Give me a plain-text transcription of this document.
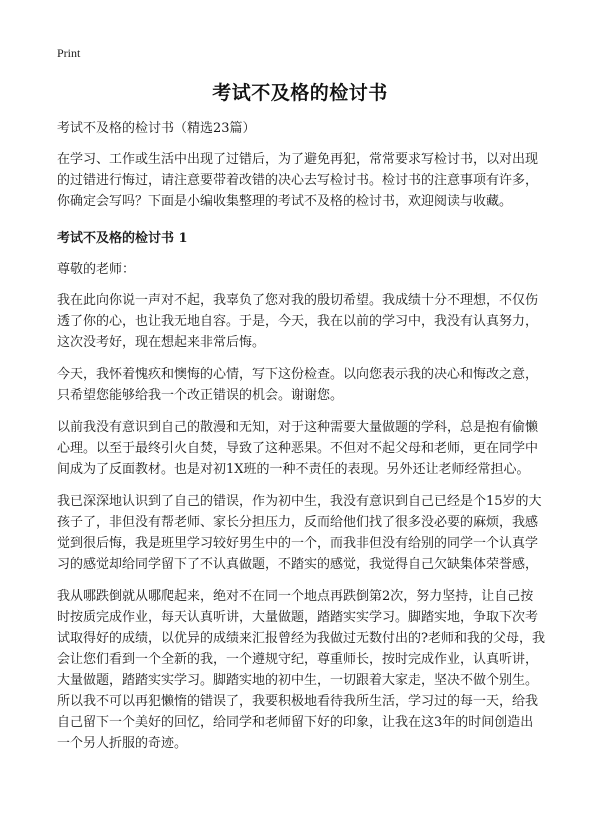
Print
考试不及格的检讨书

考试不及格的检讨书（精选23篇）

在学习、工作或生活中出现了过错后，为了避免再犯，常常要求写检讨书，以对出现的过错进行悔过，请注意要带着改错的决心去写检讨书。检讨书的注意事项有许多，你确定会写吗？下面是小编收集整理的考试不及格的检讨书，欢迎阅读与收藏。

考试不及格的检讨书 1

尊敬的老师：

我在此向你说一声对不起，我辜负了您对我的殷切希望。我成绩十分不理想，不仅伤透了你的心，也让我无地自容。于是，今天，我在以前的学习中，我没有认真努力，这次没考好，现在想起来非常后悔。

今天，我怀着愧疚和懊悔的心情，写下这份检查。以向您表示我的决心和悔改之意，只希望您能够给我一个改正错误的机会。谢谢您。

以前我没有意识到自己的散漫和无知，对于这种需要大量做题的学科，总是抱有偷懒心理。以至于最终引火自焚，导致了这种恶果。不但对不起父母和老师，更在同学中间成为了反面教材。也是对初1X班的一种不责任的表现。另外还让老师经常担心。

我已深深地认识到了自己的错误，作为初中生，我没有意识到自己已经是个15岁的大孩子了，非但没有帮老师、家长分担压力，反而给他们找了很多没必要的麻烦，我感觉到很后悔，我是班里学习较好男生中的一个，而我非但没有给别的同学一个认真学习的感觉却给同学留下了不认真做题，不踏实的感觉，我觉得自己欠缺集体荣誉感，

我从哪跌倒就从哪爬起来，绝对不在同一个地点再跌倒第2次，努力坚持，让自己按时按质完成作业，每天认真听讲，大量做题，踏踏实实学习。脚踏实地，争取下次考试取得好的成绩，以优异的成绩来汇报曾经为我做过无数付出的?老师和我的父母，我会让您们看到一个全新的我，一个遵规守纪，尊重师长，按时完成作业，认真听讲，大量做题，踏踏实实学习。脚踏实地的初中生，一切跟着大家走，坚决不做个别生。所以我不可以再犯懒惰的错误了，我要积极地看待我所生活，学习过的每一天，给我自己留下一个美好的回忆，给同学和老师留下好的印象，让我在这3年的时间创造出一个另人折服的奇迹。
